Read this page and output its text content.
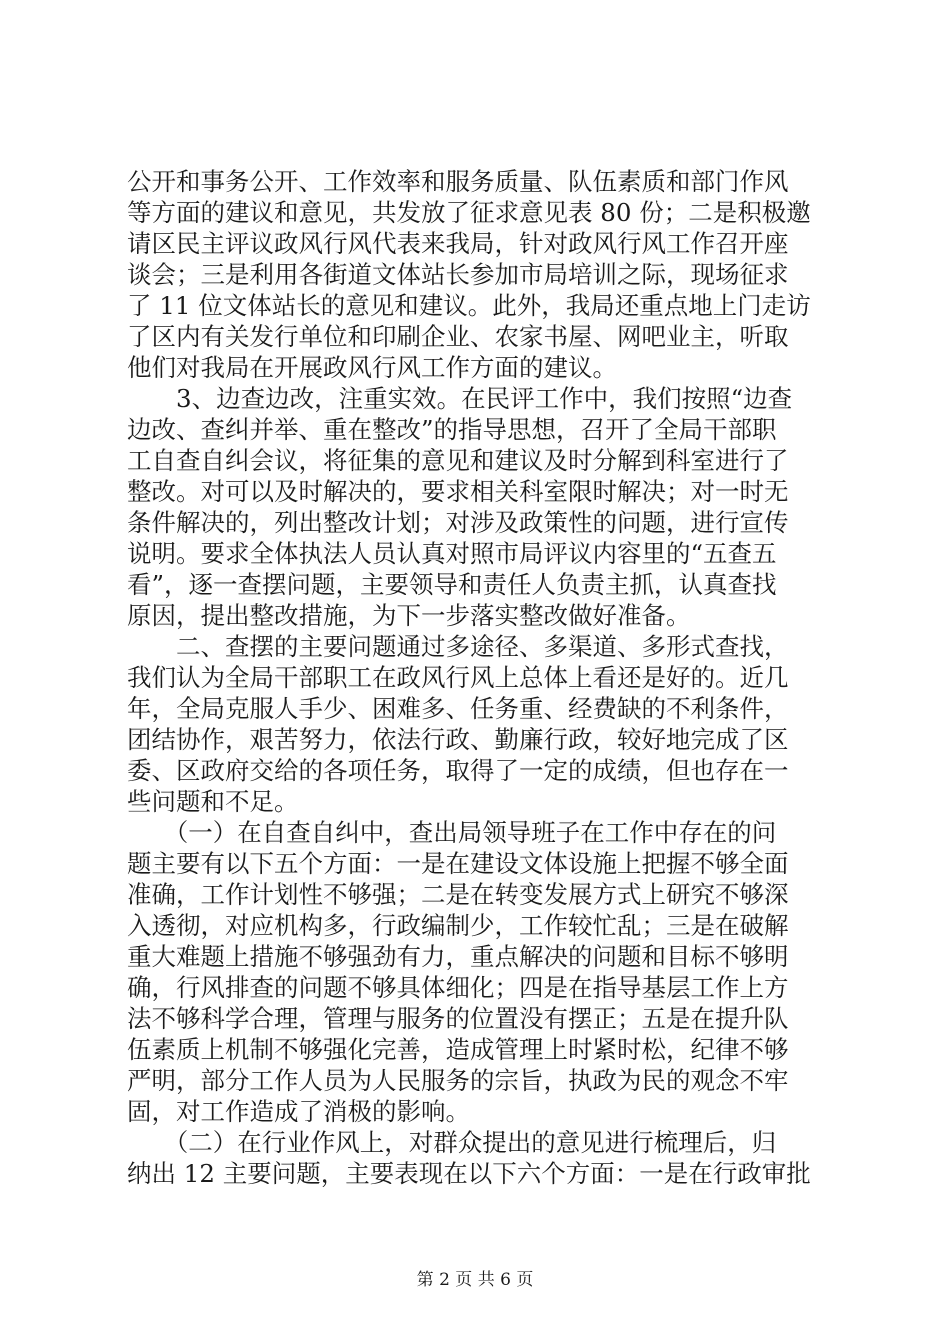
公开和事务公开、工作效率和服务质量、队伍素质和部门作风
等方面的建议和意见，共发放了征求意见表 80 份；二是积极邀
请区民主评议政风行风代表来我局，针对政风行风工作召开座
谈会；三是利用各街道文体站长参加市局培训之际，现场征求
了 11 位文体站长的意见和建议。此外，我局还重点地上门走访
了区内有关发行单位和印刷企业、农家书屋、网吧业主，听取
他们对我局在开展政风行风工作方面的建议。
　　3、边查边改，注重实效。在民评工作中，我们按照“边查
边改、查纠并举、重在整改”的指导思想，召开了全局干部职
工自查自纠会议，将征集的意见和建议及时分解到科室进行了
整改。对可以及时解决的，要求相关科室限时解决；对一时无
条件解决的，列出整改计划；对涉及政策性的问题，进行宣传
说明。要求全体执法人员认真对照市局评议内容里的“五查五
看”，逐一查摆问题，主要领导和责任人负责主抓，认真查找
原因，提出整改措施，为下一步落实整改做好准备。
　　二、查摆的主要问题通过多途径、多渠道、多形式查找，
我们认为全局干部职工在政风行风上总体上看还是好的。近几
年，全局克服人手少、困难多、任务重、经费缺的不利条件，
团结协作，艰苦努力，依法行政、勤廉行政，较好地完成了区
委、区政府交给的各项任务，取得了一定的成绩，但也存在一
些问题和不足。
　　（一）在自查自纠中，查出局领导班子在工作中存在的问
题主要有以下五个方面：一是在建设文体设施上把握不够全面
准确，工作计划性不够强；二是在转变发展方式上研究不够深
入透彻，对应机构多，行政编制少，工作较忙乱；三是在破解
重大难题上措施不够强劲有力，重点解决的问题和目标不够明
确，行风排查的问题不够具体细化；四是在指导基层工作上方
法不够科学合理，管理与服务的位置没有摆正；五是在提升队
伍素质上机制不够强化完善，造成管理上时紧时松，纪律不够
严明，部分工作人员为人民服务的宗旨，执政为民的观念不牢
固，对工作造成了消极的影响。
　　（二）在行业作风上，对群众提出的意见进行梳理后，归
纳出 12 主要问题，主要表现在以下六个方面：一是在行政审批
第 2 页 共 6 页
